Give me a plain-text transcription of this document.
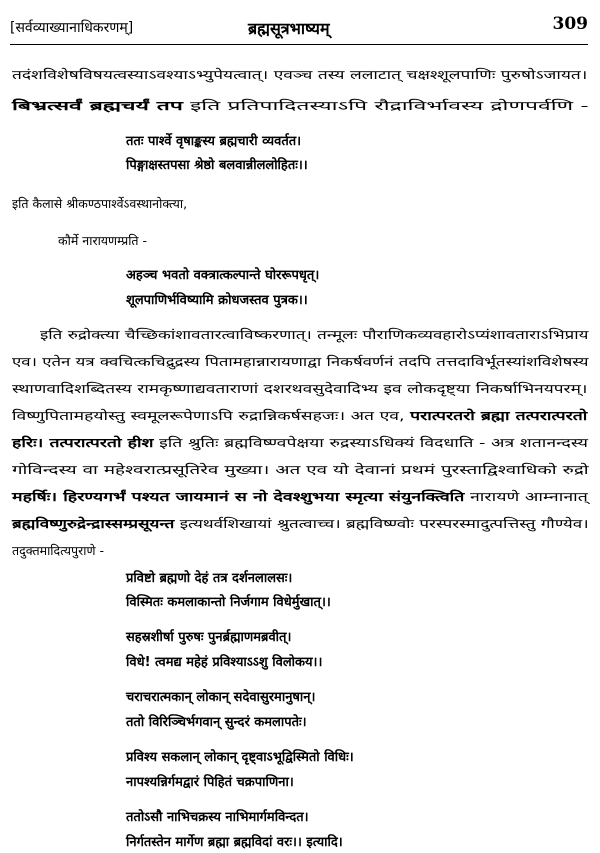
[सर्वव्याख्यानाधिकरणम्]	ब्रह्मसूत्रभाष्यम्	309
तदंशविशेषविषयत्वस्याऽवश्याऽभ्युपेयत्वात्। एवञ्च तस्य ललाटात् चक्षश्शूलपाणिः पुरुषोऽजायत।
बिभ्रत्सर्वं ब्रह्मचर्यं तप इति प्रतिपादितस्याऽपि रौद्राविर्भावस्य द्रोणपर्वणि -
ततः पार्श्वे वृषाङ्कस्य ब्रह्मचारी व्यवर्तत।
पिङ्गाक्षस्तपसा श्रेष्ठो बलवान्नीललोहितः।।
इति कैलासे श्रीकण्ठपार्श्वेऽवस्थानोक्त्या,
कौर्मे नारायणम्प्रति -
अहञ्च भवतो वक्त्रात्कल्पान्ते घोररूपधृत्।
शूलपाणिर्भविष्यामि क्रोधजस्तव पुत्रक।।
इति रुद्रोक्त्या चैच्छिकांशावतारत्वाविष्करणात्। तन्मूलः पौराणिकव्यवहारोऽप्यंशावताराऽभिप्राय
एव। एतेन यत्र क्वचित्कचिद्रुद्रस्य पितामहान्नारायणाद्वा निकर्षवर्णनं तदपि तत्तदाविर्भूतस्यांशविशेषस्य
स्थाणवादिशब्दितस्य रामकृष्णाद्यवताराणां दशरथवसुदेवादिभ्य इव लोकदृष्ट्या निकर्षाभिनयपरम्।
विष्णुपितामहयोस्तु स्वमूलरूपेणाऽपि रुद्रान्निकर्षसहजः। अत एव, परात्परतरो ब्रह्मा तत्परात्परतो
हरिः। तत्परात्परतो हीश इति श्रुतिः ब्रह्मविष्ण्वपेक्षया रुद्रस्याऽधिक्यं विदधाति - अत्र शतानन्दस्य
गोविन्दस्य वा महेश्वरात्प्रसूतिरेव मुख्या। अत एव यो देवानां प्रथमं पुरस्ताद्विश्वाधिको रुद्रो
महर्षिः। हिरण्यगर्भं पश्यत जायमानं स नो देवश्शुभया स्मृत्या संयुनक्त्विति नारायणे आम्नानात्
ब्रह्मविष्णुरुद्रेन्द्रास्सम्प्रसूयन्त इत्यथर्वशिखायां श्रुतत्वाच्च। ब्रह्मविष्ण्वोः परस्परस्मादुत्पत्तिस्तु गौण्येव।
तदुक्तमादित्यपुराणे -
प्रविष्टो ब्रह्मणो देहं तत्र दर्शनलालसः।
विस्मितः कमलाकान्तो निर्जगाम विधेर्मुखात्।।
सहस्रशीर्षा पुरुषः पुनर्ब्रह्माणमब्रवीत्।
विधे! त्वमद्य महेहं प्रविश्याऽऽशु विलोकय।।
चराचरात्मकान् लोकान् सदेवासुरमानुषान्।
ततो विरिञ्चिर्भगवान् सुन्दरं कमलापतेः।
प्रविश्य सकलान् लोकान् दृष्ट्वाऽभूद्विस्मितो विधिः।
नापश्यन्निर्गमद्वारं पिहितं चक्रपाणिना।
ततोऽसौ नाभिचक्रस्य नाभिमार्गमविन्दत।
निर्गतस्तेन मार्गेण ब्रह्मा ब्रह्मविदां वरः।। इत्यादि।
